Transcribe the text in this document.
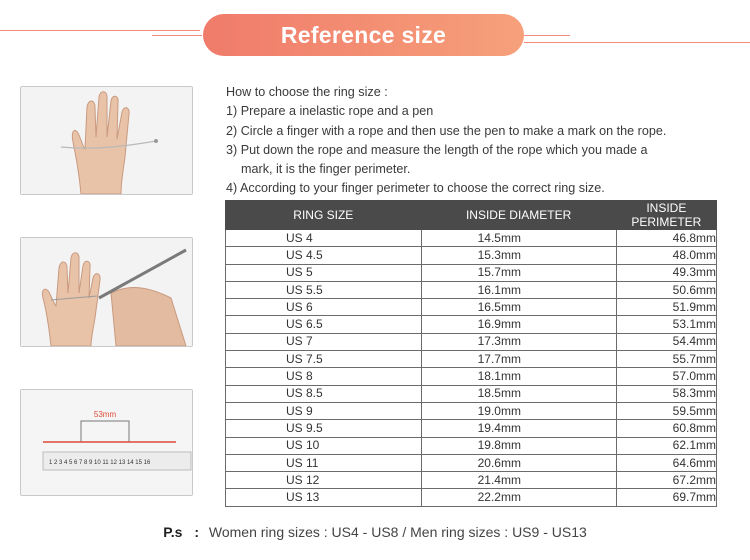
Reference size
53mm
1 2 3 4 5 6 7 8 9 10 11 12 13 14 15 16
How to choose the ring size :
1) Prepare a inelastic rope and a pen
2) Circle a finger with a rope and then use the pen to make a mark on the rope.
3) Put down the rope and measure the length of the rope which you made a
mark, it is the finger perimeter.
4) According to your finger perimeter to choose the correct ring size.
RING SIZE	INSIDE DIAMETER	INSIDE PERIMETER
US 4	14.5mm	46.8mm
US 4.5	15.3mm	48.0mm
US 5	15.7mm	49.3mm
US 5.5	16.1mm	50.6mm
US 6	16.5mm	51.9mm
US 6.5	16.9mm	53.1mm
US 7	17.3mm	54.4mm
US 7.5	17.7mm	55.7mm
US 8	18.1mm	57.0mm
US 8.5	18.5mm	58.3mm
US 9	19.0mm	59.5mm
US 9.5	19.4mm	60.8mm
US 10	19.8mm	62.1mm
US 11	20.6mm	64.6mm
US 12	21.4mm	67.2mm
US 13	22.2mm	69.7mm
P.s : Women ring sizes : US4 - US8 / Men ring sizes : US9 - US13
